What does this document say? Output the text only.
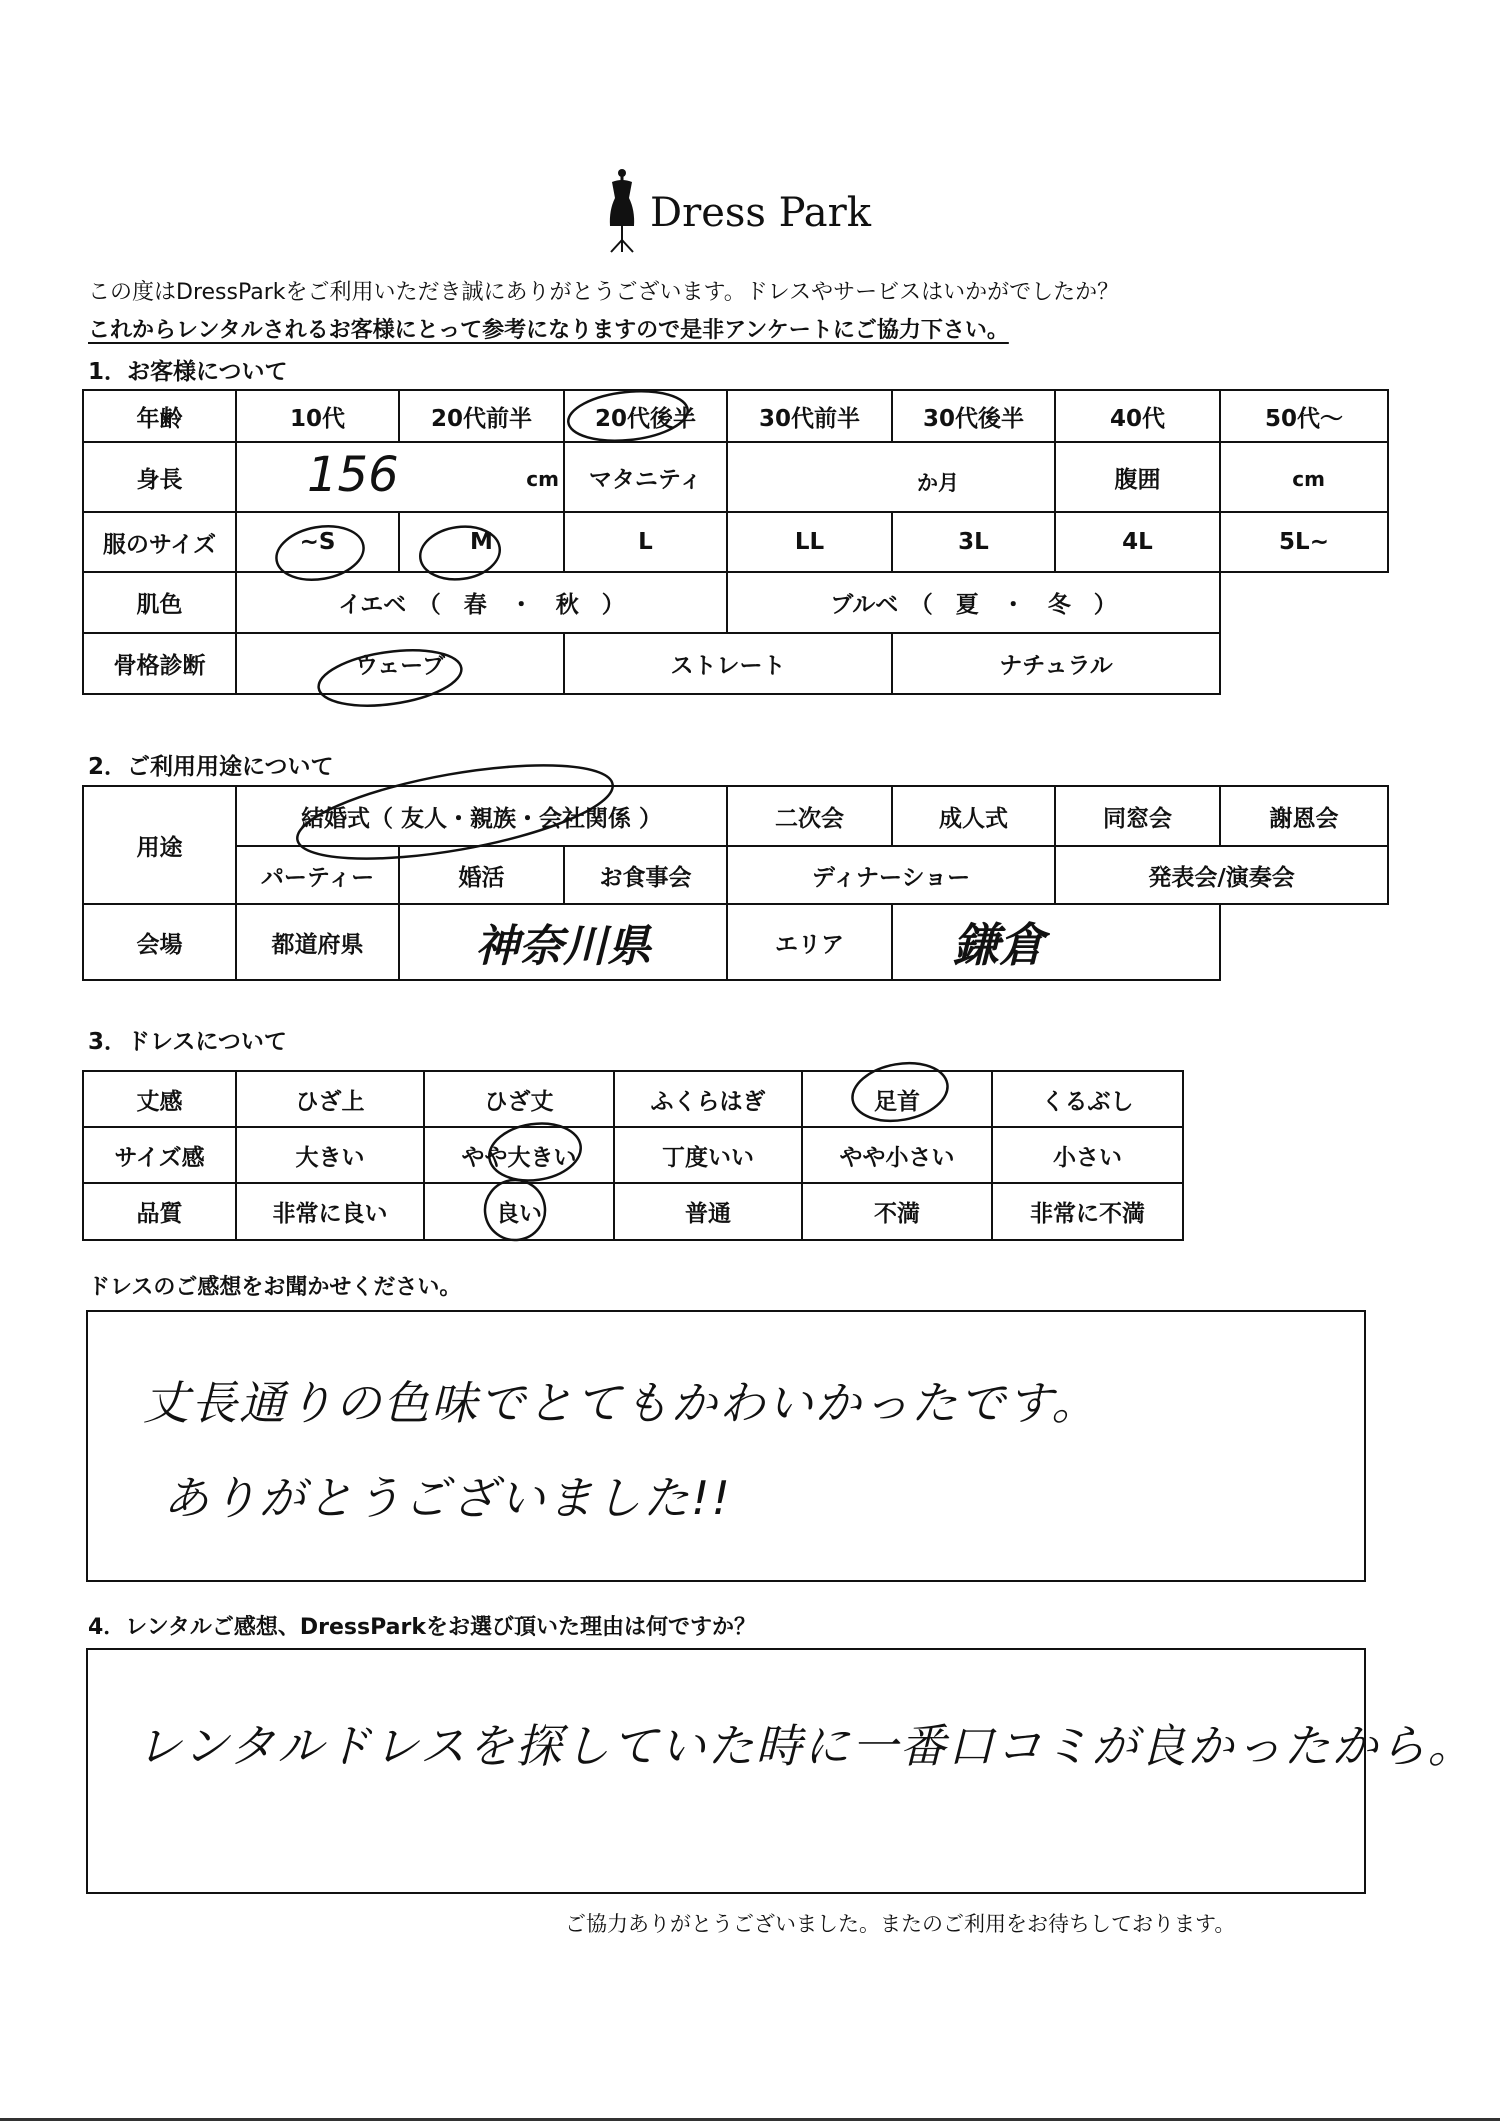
Dress Park
この度はDressParkをご利用いただき誠にありがとうございます。ドレスやサービスはいかがでしたか？
これからレンタルされるお客様にとって参考になりますので是非アンケートにご協力下さい。
1．お客様について
年齢	10代	20代前半	20代後半	30代前半	30代後半	40代	50代～
身長	156 cm		マタニティ	か月		腹囲	cm

服のサイズ	~S	M	L	LL	3L	4L	5L~
肌色	イエベ　（　春　・　秋　）			ブルベ　（　夏　・　冬　）			
骨格診断	ウェーブ		ストレート		ナチュラル		
2．ご利用用途について
用途	結婚式（ 友人・親族・会社関係 ）			二次会	成人式	同窓会	謝恩会
	パーティー	婚活	お食事会	ディナーショー		発表会/演奏会	
会場	都道府県	神奈川県		エリア	鎌倉		
3．ドレスについて
丈感	ひざ上	ひざ丈	ふくらはぎ	足首	くるぶし
サイズ感	大きい	やや大きい	丁度いい	やや小さい	小さい
品質	非常に良い	良い	普通	不満	非常に不満
ドレスのご感想をお聞かせください。
丈長通りの色味でとてもかわいかったです。
ありがとうございました!!
4．レンタルご感想、DressParkをお選び頂いた理由は何ですか？
レンタルドレスを探していた時に一番口コミが良かったから。
ご協力ありがとうございました。またのご利用をお待ちしております。
